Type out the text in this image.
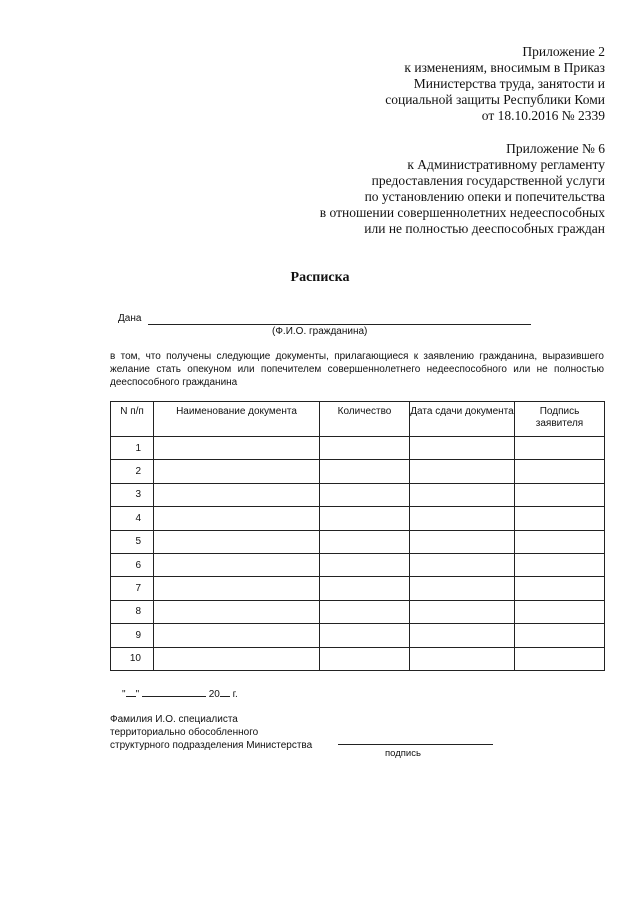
Приложение 2
к изменениям, вносимым в Приказ
Министерства труда, занятости и
социальной защиты Республики Коми
от 18.10.2016 № 2339
Приложение № 6
к Административному регламенту
предоставления государственной услуги
по установлению опеки и попечительства
в отношении совершеннолетних недееспособных
или не полностью дееспособных граждан
Расписка
Дана
(Ф.И.О. гражданина)
в том, что получены следующие документы, прилагающиеся к заявлению гражданина, выразившего желание стать опекуном или попечителем совершеннолетнего недееспособного или не полностью дееспособного гражданина
N п/п	Наименование документа	Количество	Дата сдачи документа	Подпись заявителя
1				
2				
3				
4				
5				
6				
7				
8				
9				
10				
" "	20 г.
Фамилия И.О. специалиста
территориально обособленного
структурного подразделения Министерства
подпись
